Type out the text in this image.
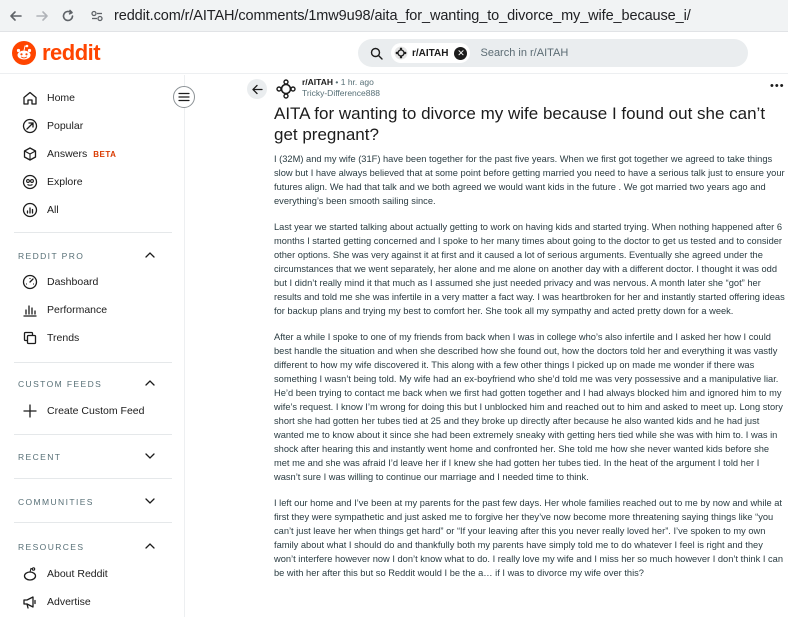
reddit.com/r/AITAH/comments/1mw9u98/aita_for_wanting_to_divorce_my_wife_because_i/
reddit	r/AITAH ✕ Search in r/AITAH
Home
Popular
Answers BETA
Explore
All
REDDIT PRO
Dashboard
Performance
Trends
CUSTOM FEEDS
Create Custom Feed
RECENT
COMMUNITIES
RESOURCES
About Reddit
Advertise
r/AITAH • 1 hr. ago
Tricky-Difference888
•••
AITA for wanting to divorce my wife because I found out she can’t get pregnant?

I (32M) and my wife (31F) have been together for the past five years. When we first got together we agreed to take things slow but I have always believed that at some point before getting married you need to have a serious talk just to ensure your futures align. We had that talk and we both agreed we would want kids in the future . We got married two years ago and everything’s been smooth sailing since.

Last year we started talking about actually getting to work on having kids and started trying. When nothing happened after 6 months I started getting concerned and I spoke to her many times about going to the doctor to get us tested and to consider other options. She was very against it at first and it caused a lot of serious arguments. Eventually she agreed under the circumstances that we went separately, her alone and me alone on another day with a different doctor. I thought it was odd but I didn’t really mind it that much as I assumed she just needed privacy and was nervous. A month later she “got” her results and told me she was infertile in a very matter a fact way. I was heartbroken for her and instantly started offering ideas for backup plans and trying my best to comfort her. She took all my sympathy and acted pretty down for a week.

After a while I spoke to one of my friends from back when I was in college who’s also infertile and I asked her how I could best handle the situation and when she described how she found out, how the doctors told her and everything it was vastly different to how my wife discovered it. This along with a few other things I picked up on made me wonder if there was something I wasn’t being told. My wife had an ex-boyfriend who she’d told me was very possessive and a manipulative liar. He’d been trying to contact me back when we first had gotten together and I had always blocked him and ignored him to my wife’s request. I know I’m wrong for doing this but I unblocked him and reached out to him and asked to meet up. Long story short she had gotten her tubes tied at 25 and they broke up directly after because he also wanted kids and he had just wanted me to know about it since she had been extremely sneaky with getting hers tied while she was with him to. I was in shock after hearing this and instantly went home and confronted her. She told me how she never wanted kids before she met me and she was afraid I’d leave her if I knew she had gotten her tubes tied. In the heat of the argument I told her I wasn’t sure I was willing to continue our marriage and I needed time to think.

I left our home and I’ve been at my parents for the past few days. Her whole families reached out to me by now and while at first they were sympathetic and just asked me to forgive her they’ve now become more threatening saying things like “you can’t just leave her when things get hard” or “If your leaving after this you never really loved her”. I’ve spoken to my own family about what I should do and thankfully both my parents have simply told me to do whatever I feel is right and they won’t interfere however now I don’t know what to do. I really love my wife and I miss her so much however I don’t think I can be with her after this but so Reddit would I be the a… if I was to divorce my wife over this?
